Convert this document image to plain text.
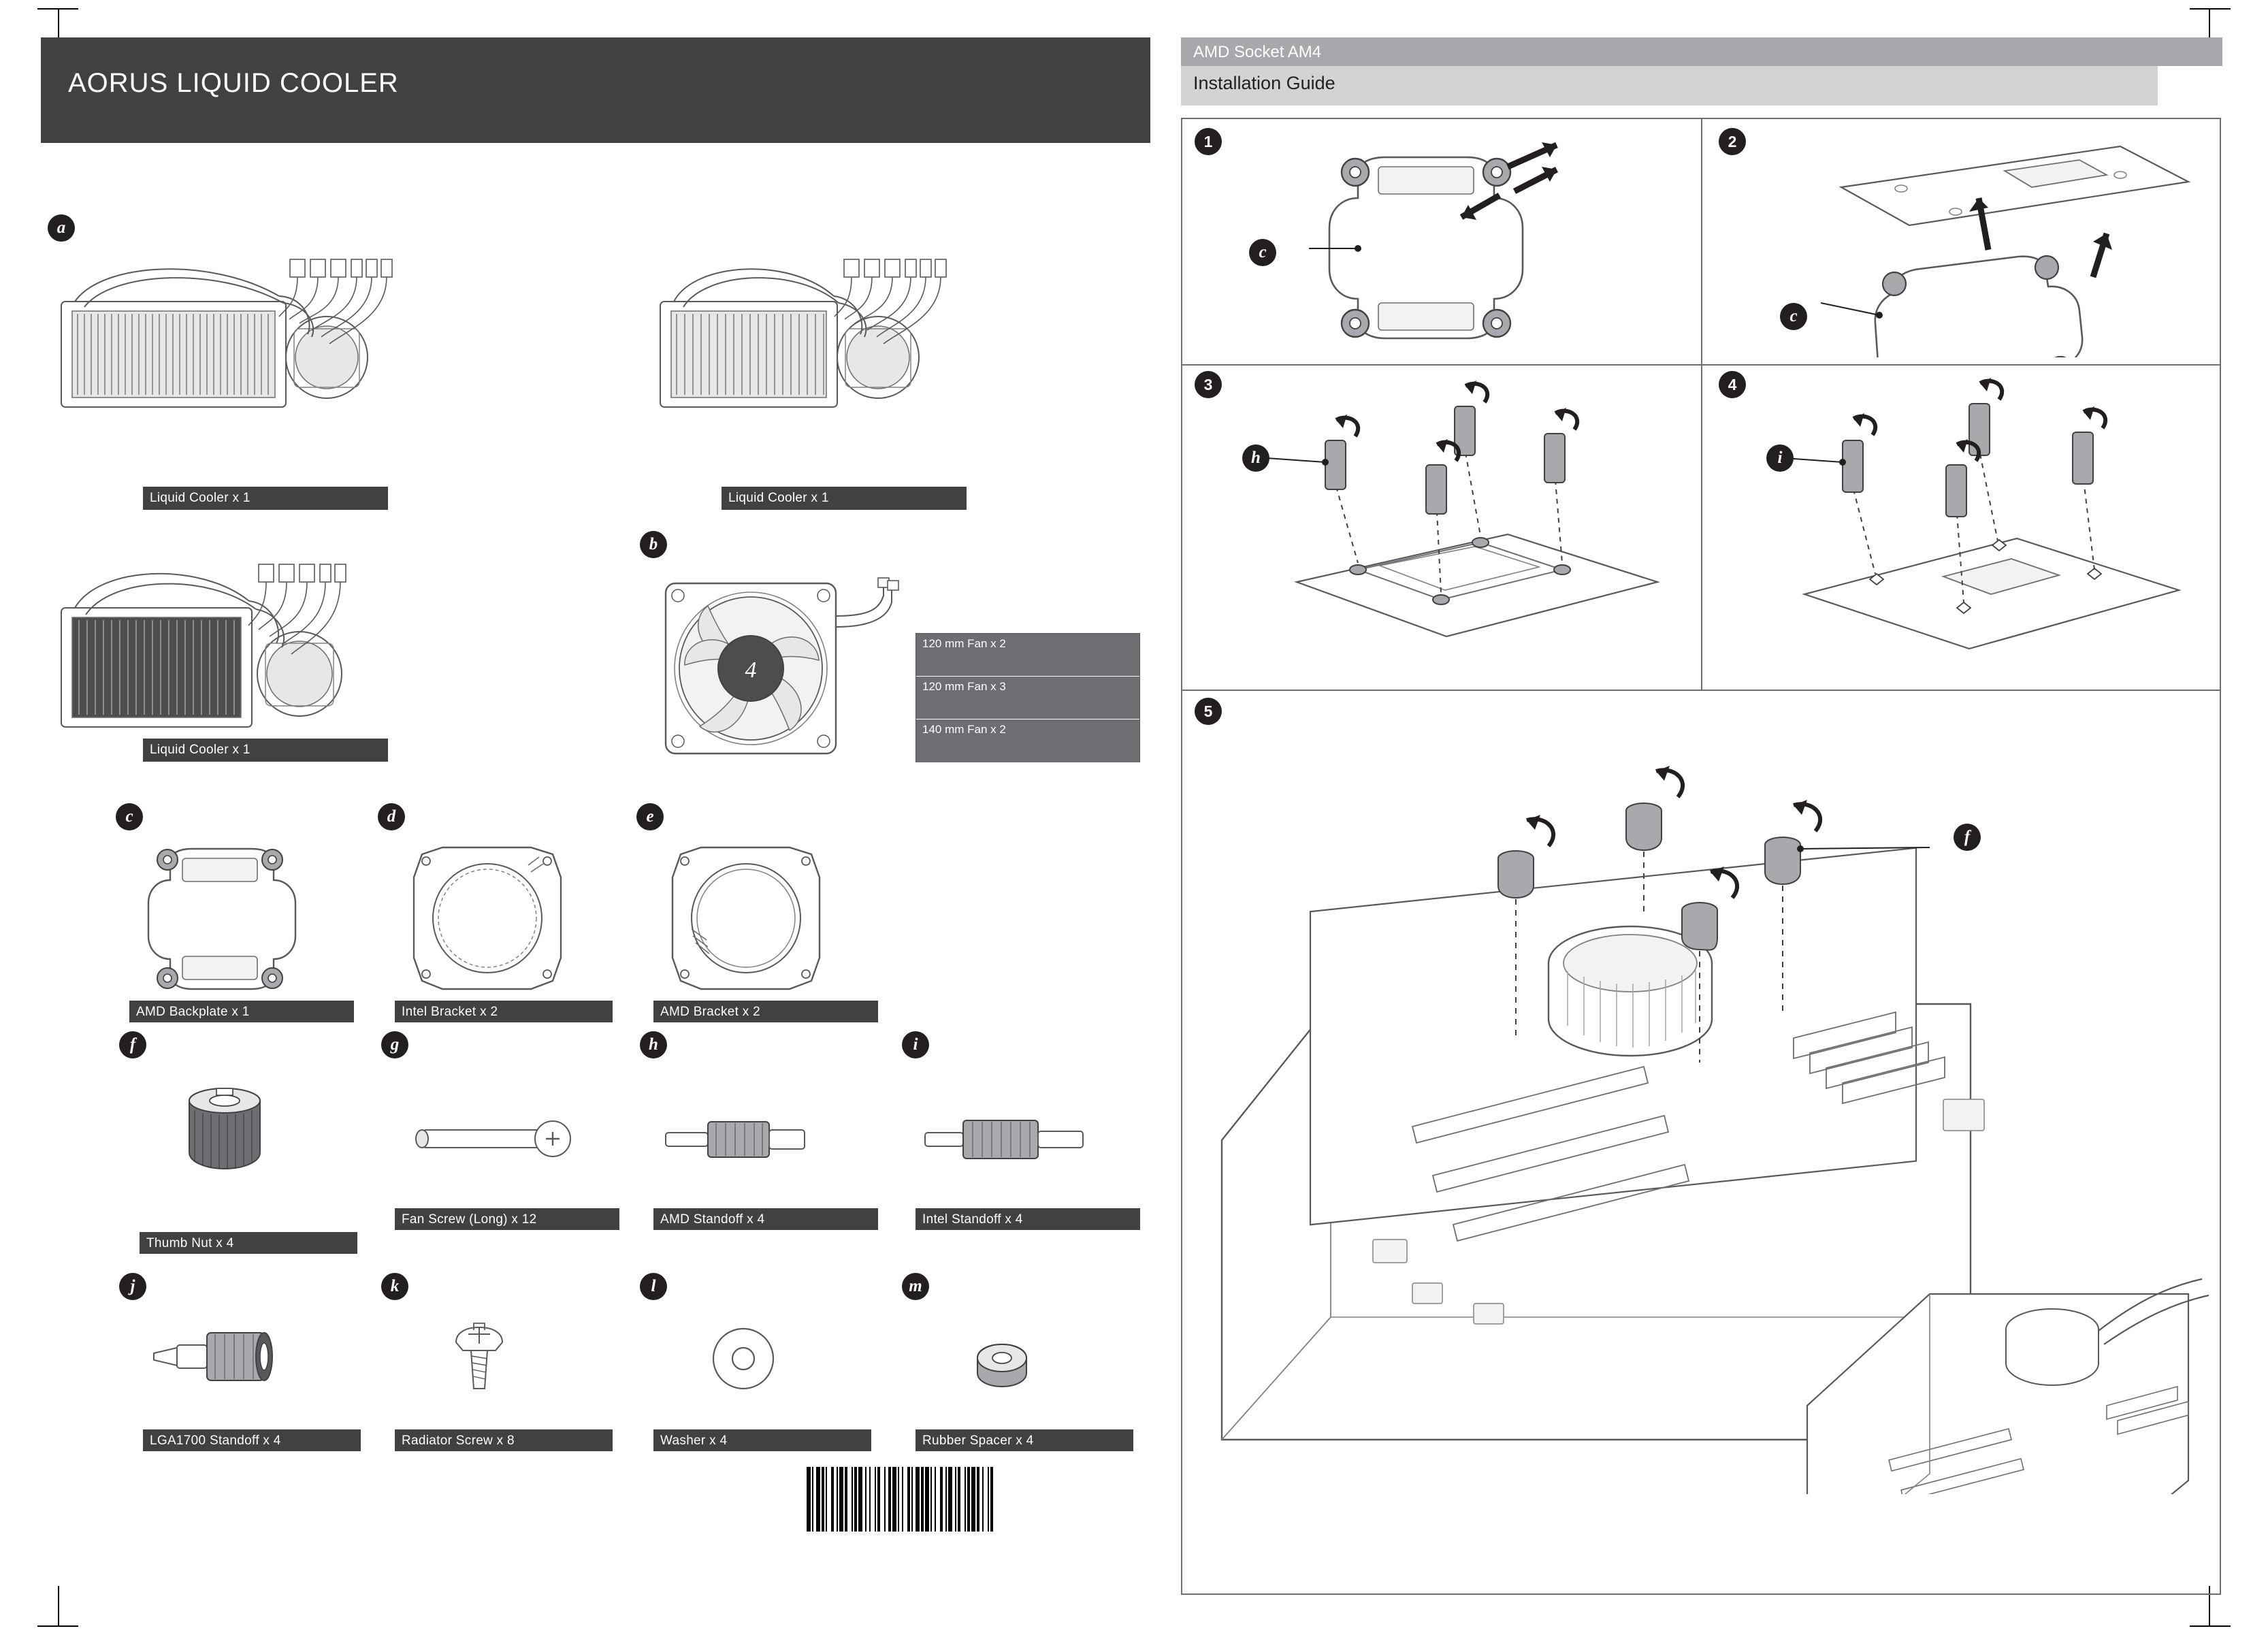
AORUS LIQUID COOLER
a
Liquid Cooler x 1	Liquid Cooler x 1
Liquid Cooler x 1
b
4
120 mm Fan x 2
120 mm Fan x 3
140 mm Fan x 2
c
AMD Backplate x 1
d
Intel Bracket x 2
e
AMD Bracket x 2
f
Thumb Nut x 4
g
Fan Screw (Long) x 12
h
AMD Standoff x 4
i
Intel Standoff x 4
j
LGA1700 Standoff x 4
k
Radiator Screw x 8
l
Washer x 4
m
Rubber Spacer x 4
AMD Socket AM4
Installation Guide
1
c
2
c
3
h
4
i
5
f
